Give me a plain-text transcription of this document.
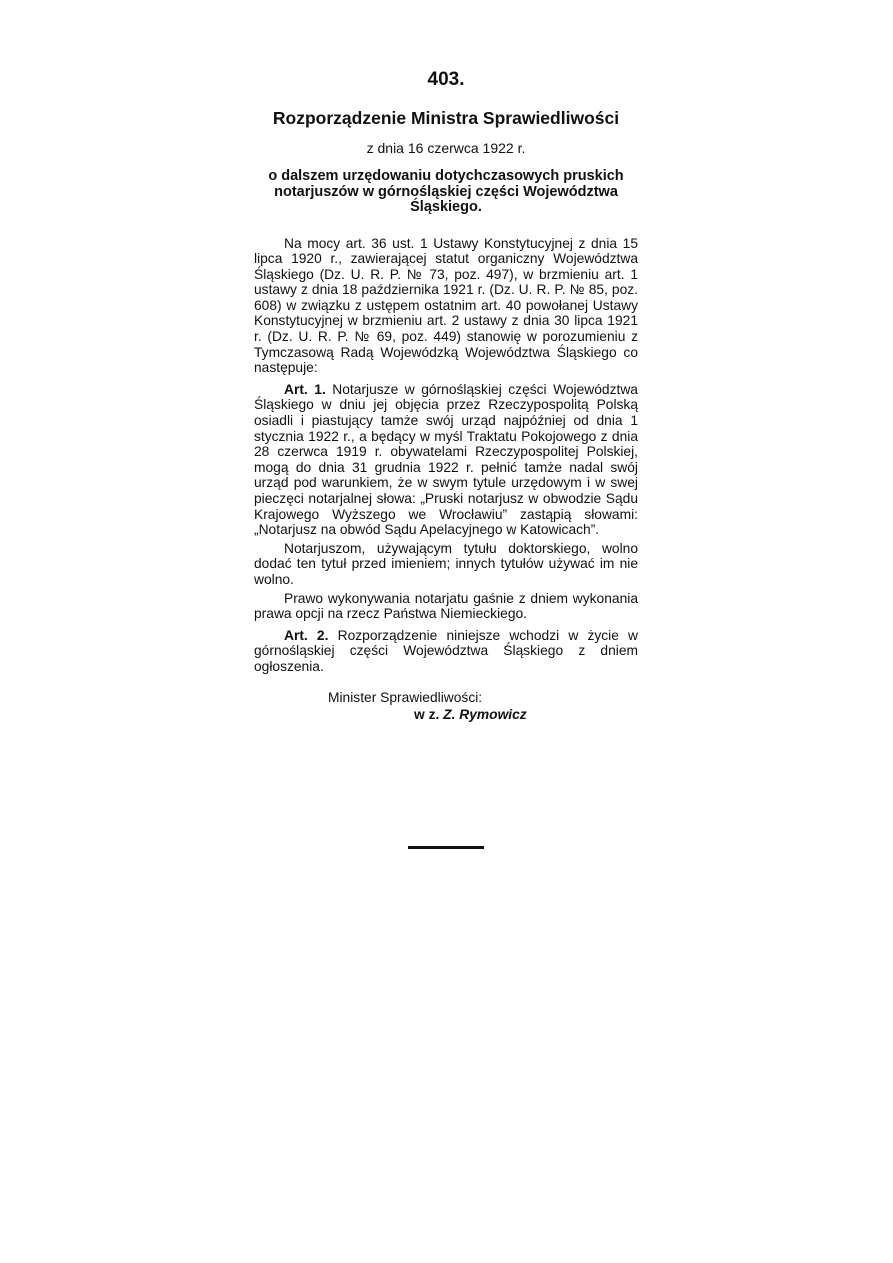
403.
Rozporządzenie Ministra Sprawiedliwości
z dnia 16 czerwca 1922 r.
o dalszem urzędowaniu dotychczasowych pruskich notarjuszów w górnośląskiej części Województwa Śląskiego.

Na mocy art. 36 ust. 1 Ustawy Konstytucyjnej z dnia 15 lipca 1920 r., zawierającej statut organiczny Województwa Śląskiego (Dz. U. R. P. № 73, poz. 497), w brzmieniu art. 1 ustawy z dnia 18 października 1921 r. (Dz. U. R. P. № 85, poz. 608) w związku z ustępem ostatnim art. 40 powołanej Ustawy Konstytucyjnej w brzmieniu art. 2 ustawy z dnia 30 lipca 1921 r. (Dz. U. R. P. № 69, poz. 449) stanowię w porozumieniu z Tymczasową Radą Wojewódzką Województwa Śląskiego co następuje:

Art. 1. Notarjusze w górnośląskiej części Województwa Śląskiego w dniu jej objęcia przez Rzeczypospolitą Polską osiadli i piastujący tamże swój urząd najpóźniej od dnia 1 stycznia 1922 r., a będący w myśl Traktatu Pokojowego z dnia 28 czerwca 1919 r. obywatelami Rzeczypospolitej Polskiej, mogą do dnia 31 grudnia 1922 r. pełnić tamże nadal swój urząd pod warunkiem, że w swym tytule urzędowym i w swej pieczęci notarjalnej słowa: „Pruski notarjusz w obwodzie Sądu Krajowego Wyższego we Wrocławiu” zastąpią słowami: „Notarjusz na obwód Sądu Apelacyjnego w Katowicach”.

Notarjuszom, używającym tytułu doktorskiego, wolno dodać ten tytuł przed imieniem; innych tytułów używać im nie wolno.

Prawo wykonywania notarjatu gaśnie z dniem wykonania prawa opcji na rzecz Państwa Niemieckiego.

Art. 2. Rozporządzenie niniejsze wchodzi w życie w górnośląskiej części Województwa Śląskiego z dniem ogłoszenia.

Minister Sprawiedliwości:
w z. Z. Rymowicz
